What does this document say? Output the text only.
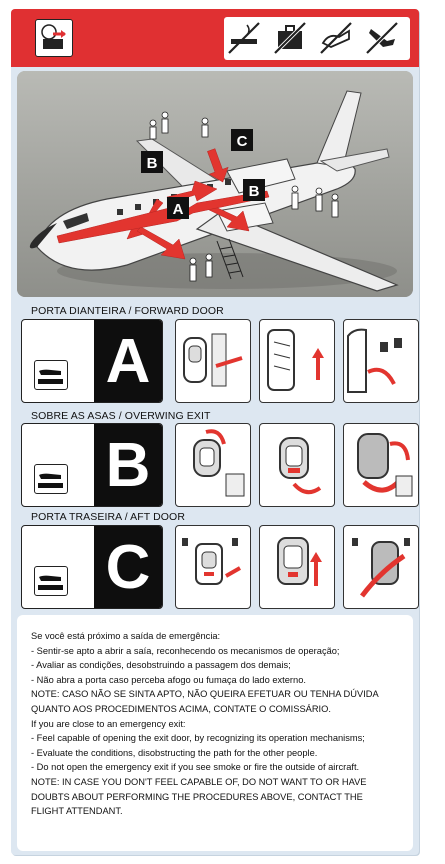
A
B
B
C
PORTA DIANTEIRA / FORWARD DOOR
A
SOBRE AS ASAS / OVERWING EXIT
B
PORTA TRASEIRA / AFT DOOR
C

Se você está próximo a saída de emergência:

- Sentir-se apto a abrir a saía, reconhecendo os mecanismos de operação;

- Avaliar as condições, desobstruindo a passagem dos demais;

- Não abra a porta caso perceba afogo ou fumaça do lado externo.

NOTE: CASO NÃO SE SINTA APTO, NÃO QUEIRA EFETUAR OU TENHA DÚVIDA

QUANTO AOS PROCEDIMENTOS ACIMA, CONTATE O COMISSÁRIO.

If you are close to an emergency exit:

- Feel capable of opening the exit door, by recognizing its operation mechanisms;

- Evaluate the conditions, disobstructing the path for the other people.

- Do not open the emergency exit if you see smoke or fire the outside of aircraft.

NOTE: IN CASE YOU DON'T FEEL CAPABLE OF, DO NOT WANT TO OR HAVE

DOUBTS ABOUT PERFORMING THE PROCEDURES ABOVE, CONTACT THE

FLIGHT ATTENDANT.
